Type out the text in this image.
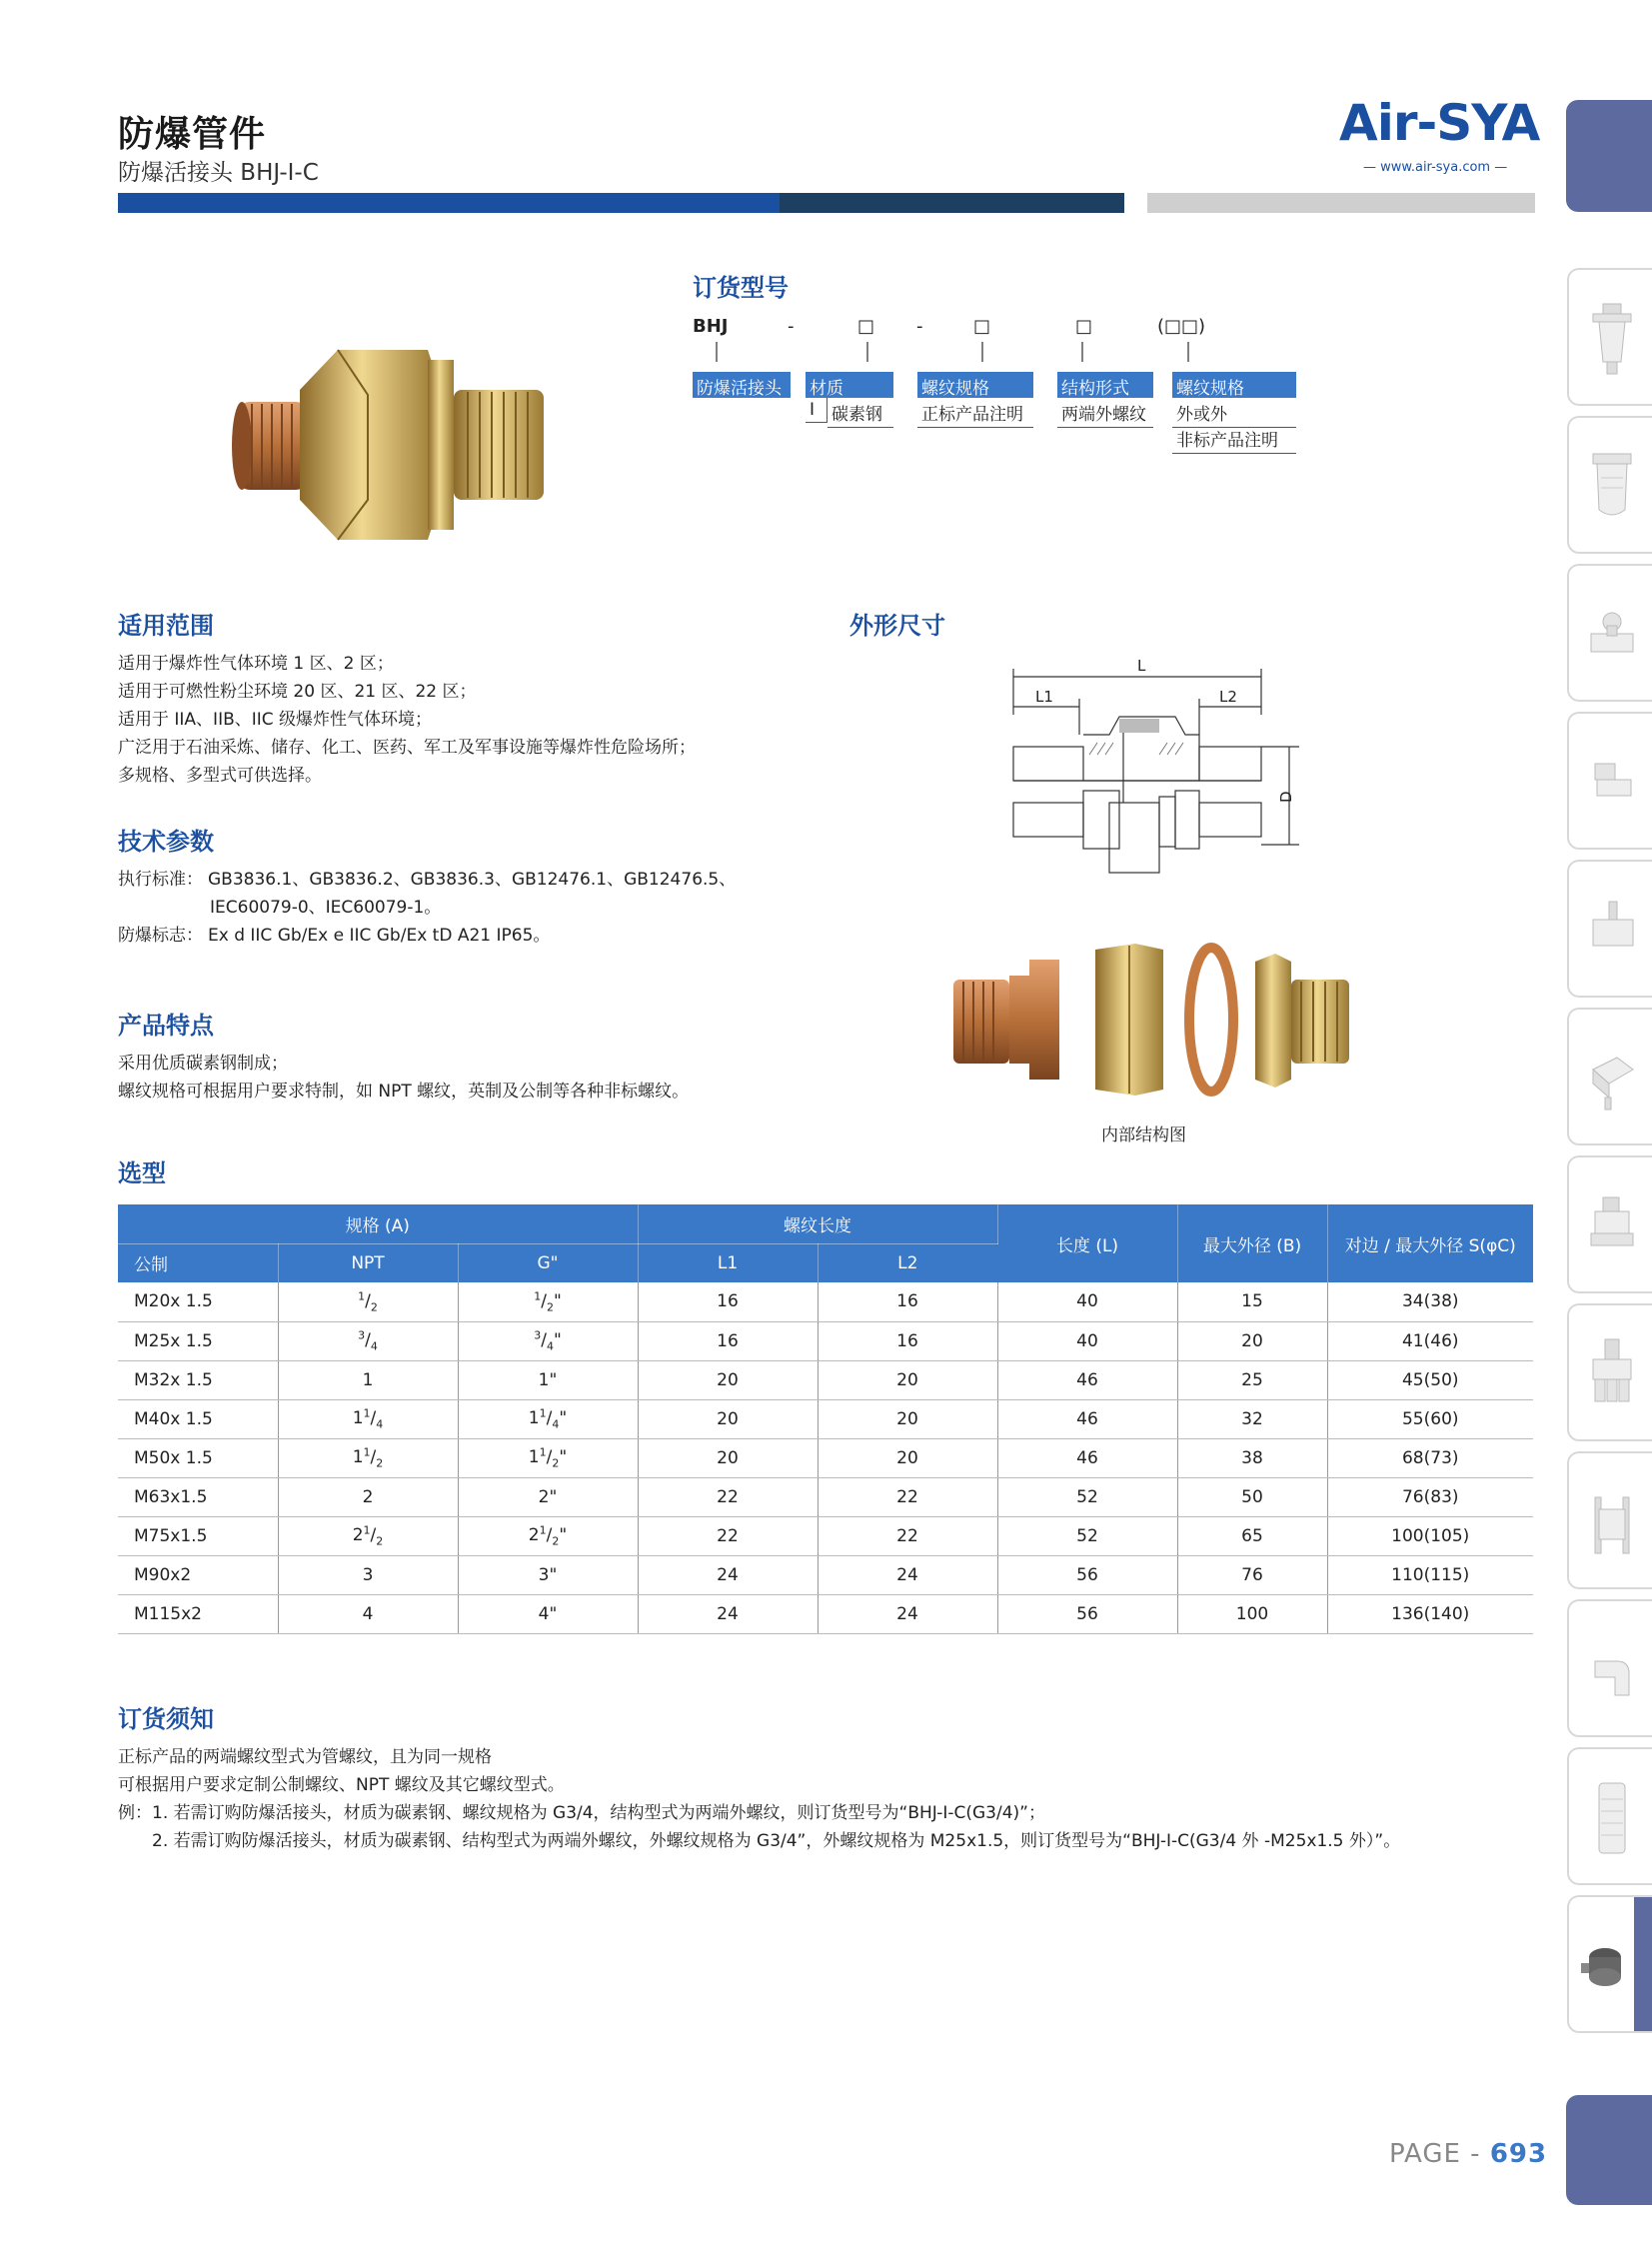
防爆管件
防爆活接头 BHJ-I-C
Air-SYA
— www.air-sya.com —
订货型号
BHJ	-	□ -	□	□	(□□)
防爆活接头	材质	螺纹规格	结构形式	螺纹规格
I 碳素钢	正标产品注明	两端外螺纹	外或外
非标产品注明
适用范围
适用于爆炸性气体环境 1 区、2 区；
适用于可燃性粉尘环境 20 区、21 区、22 区；
适用于 IIA、IIB、IIC 级爆炸性气体环境；
广泛用于石油采炼、储存、化工、医药、军工及军事设施等爆炸性危险场所；
多规格、多型式可供选择。
技术参数
执行标准： GB3836.1、GB3836.2、GB3836.3、GB12476.1、GB12476.5、
IEC60079-0、IEC60079-1。
防爆标志： Ex d IIC Gb/Ex e IIC Gb/Ex tD A21 IP65。
产品特点
采用优质碳素钢制成；
螺纹规格可根据用户要求特制，如 NPT 螺纹，英制及公制等各种非标螺纹。
外形尺寸
L
L1	L2
D
内部结构图
选型
规格 (A)			螺纹长度		长度 (L)	最大外径 (B)	对边 / 最大外径 S(φC)
公制	NPT	G"	L1	L2			
M20x 1.5	$^1/_2$	$^1/_2$"	16	16	40	15	34(38)
M25x 1.5	$^3/_4$	$^3/_4$"	16	16	40	20	41(46)
M32x 1.5	1	1"	20	20	46	25	45(50)
M40x 1.5	$1^1/_4$	$1^1/_4$"	20	20	46	32	55(60)
M50x 1.5	$1^1/_2$	$1^1/_2$"	20	20	46	38	68(73)
M63x1.5	2	2"	22	22	52	50	76(83)
M75x1.5	$2^1/_2$	$2^1/_2$"	22	22	52	65	100(105)
M90x2	3	3"	24	24	56	76	110(115)
M115x2	4	4"	24	24	56	100	136(140)
订货须知
正标产品的两端螺纹型式为管螺纹，且为同一规格
可根据用户要求定制公制螺纹、NPT 螺纹及其它螺纹型式。
例：1. 若需订购防爆活接头，材质为碳素钢、螺纹规格为 G3/4，结构型式为两端外螺纹，则订货型号为“BHJ-I-C(G3/4)”；
2. 若需订购防爆活接头，材质为碳素钢、结构型式为两端外螺纹，外螺纹规格为 G3/4”，外螺纹规格为 M25x1.5，则订货型号为“BHJ-I-C(G3/4 外 -M25x1.5 外）”。
PAGE - 693
